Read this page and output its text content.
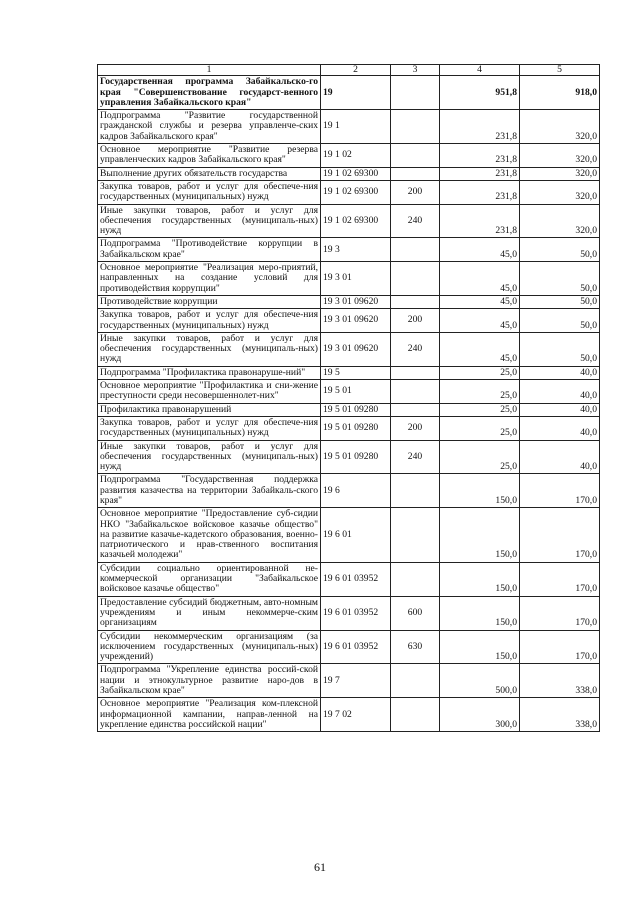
1	2	3	4	5
Государственная программа Забайкальско-го края "Совершенствование государст-венного управления Забайкальского края"	19		951,8	918,0
Подпрограмма "Развитие государственной гражданской службы и резерва управленче-ских кадров Забайкальского края"	19 1		231,8	320,0
Основное мероприятие "Развитие резерва управленческих кадров Забайкальского края"	19 1 02		231,8	320,0
Выполнение других обязательств государства	19 1 02 69300		231,8	320,0
Закупка товаров, работ и услуг для обеспече-ния государственных (муниципальных) нужд	19 1 02 69300	200	231,8	320,0
Иные закупки товаров, работ и услуг для обеспечения государственных (муниципаль-ных) нужд	19 1 02 69300	240	231,8	320,0
Подпрограмма "Противодействие коррупции в Забайкальском крае"	19 3		45,0	50,0
Основное мероприятие "Реализация мерo-приятий, направленных на создание условий для противодействия коррупции"	19 3 01		45,0	50,0
Противодействие коррупции	19 3 01 09620		45,0	50,0
Закупка товаров, работ и услуг для обеспече-ния государственных (муниципальных) нужд	19 3 01 09620	200	45,0	50,0
Иные закупки товаров, работ и услуг для обеспечения государственных (муниципаль-ных) нужд	19 3 01 09620	240	45,0	50,0
Подпрограмма "Профилактика правонаруше-ний"	19 5		25,0	40,0
Основное мероприятие "Профилактика и сни-жение преступности среди несовершеннолет-них"	19 5 01		25,0	40,0
Профилактика правонарушений	19 5 01 09280		25,0	40,0
Закупка товаров, работ и услуг для обеспече-ния государственных (муниципальных) нужд	19 5 01 09280	200	25,0	40,0
Иные закупки товаров, работ и услуг для обеспечения государственных (муниципаль-ных) нужд	19 5 01 09280	240	25,0	40,0
Подпрограмма "Государственная поддержка развития казачества на территории Забайкаль-ского края"	19 6		150,0	170,0
Основное мероприятие "Предоставление суб-сидии НКО "Забайкальское войсковое казачье общество" на развитие казачье-кадетского образования, военно-патриотического и нрав-ственного воспитания казачьей молодежи"	19 6 01		150,0	170,0
Субсидии социально ориентированной не-коммерческой организации "Забайкальское войсковое казачье общество"	19 6 01 03952		150,0	170,0
Предоставление субсидий бюджетным, авто-номным учреждениям и иным некоммерче-ским организациям	19 6 01 03952	600	150,0	170,0
Субсидии некоммерческим организациям (за исключением государственных (муниципаль-ных) учреждений)	19 6 01 03952	630	150,0	170,0
Подпрограмма "Укрепление единства россий-ской нации и этнокультурное развитие наро-дов в Забайкальском крае"	19 7		500,0	338,0
Основное мероприятие "Реализация ком-плексной информационной кампании, направ-ленной на укрепление единства российской нации"	19 7 02		300,0	338,0
61
